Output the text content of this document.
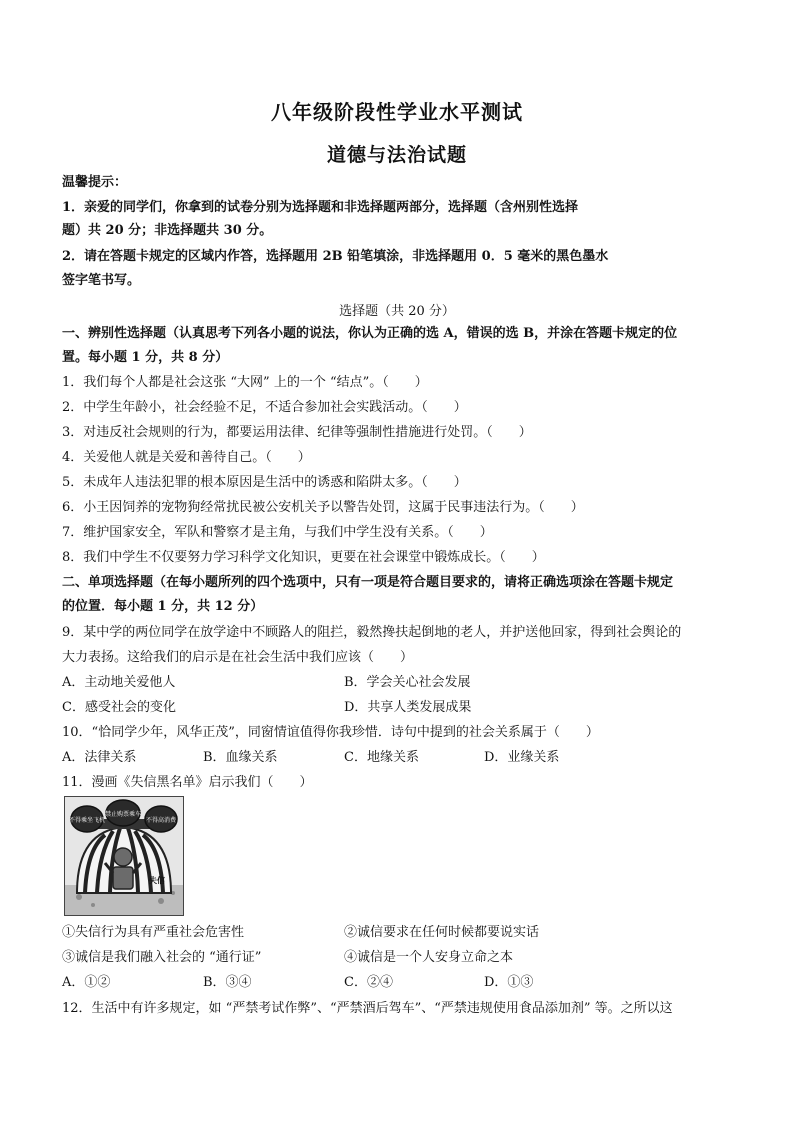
八年级阶段性学业水平测试
道德与法治试题
温馨提示：
1．亲爱的同学们，你拿到的试卷分别为选择题和非选择题两部分，选择题（含州别性选择
题）共 20 分；非选择题共 30 分。
2．请在答题卡规定的区域内作答，选择题用 2B 铅笔填涂，非选择题用 0．5 毫米的黑色墨水
签字笔书写。
选择题（共 20 分）
一、辨别性选择题（认真思考下列各小题的说法，你认为正确的选 A，错误的选 B，并涂在答题卡规定的位
置。每小题 1 分，共 8 分）
1．我们每个人都是社会这张 “大网” 上的一个 “结点”。（　　）
2．中学生年龄小，社会经验不足，不适合参加社会实践活动。（　　）
3．对违反社会规则的行为，都要运用法律、纪律等强制性措施进行处罚。（　　）
4．关爱他人就是关爱和善待自己。（　　）
5．未成年人违法犯罪的根本原因是生活中的诱惑和陷阱太多。（　　）
6．小王因饲养的宠物狗经常扰民被公安机关予以警告处罚，这属于民事违法行为。（　　）
7．维护国家安全，军队和警察才是主角，与我们中学生没有关系。（　　）
8．我们中学生不仅要努力学习科学文化知识，更要在社会课堂中锻炼成长。（　　）
二、单项选择题（在每小题所列的四个选项中，只有一项是符合题目要求的，请将正确选项涂在答题卡规定
的位置．每小题 1 分，共 12 分）
9．某中学的两位同学在放学途中不顾路人的阻拦，毅然搀扶起倒地的老人，并护送他回家，得到社会舆论的
大力表扬。这给我们的启示是在社会生活中我们应该（　　）
A．主动地关爱他人	B．学会关心社会发展
C．感受社会的变化	D．共享人类发展成果
10．“恰同学少年，风华正茂”，同窗情谊值得你我珍惜．诗句中提到的社会关系属于（　　）
A．法律关系	B．血缘关系	C．地缘关系	D．业缘关系
11．漫画《失信黑名单》启示我们（　　）
不得乘坐飞机
禁止购票乘车
不得高消费
失信
①失信行为具有严重社会危害性	②诚信要求在任何时候都要说实话
③诚信是我们融入社会的 “通行证”	④诚信是一个人安身立命之本
A．①②	B．③④	C．②④	D．①③
12．生活中有许多规定，如 “严禁考试作弊”、“严禁酒后驾车”、“严禁违规使用食品添加剂” 等。之所以这
